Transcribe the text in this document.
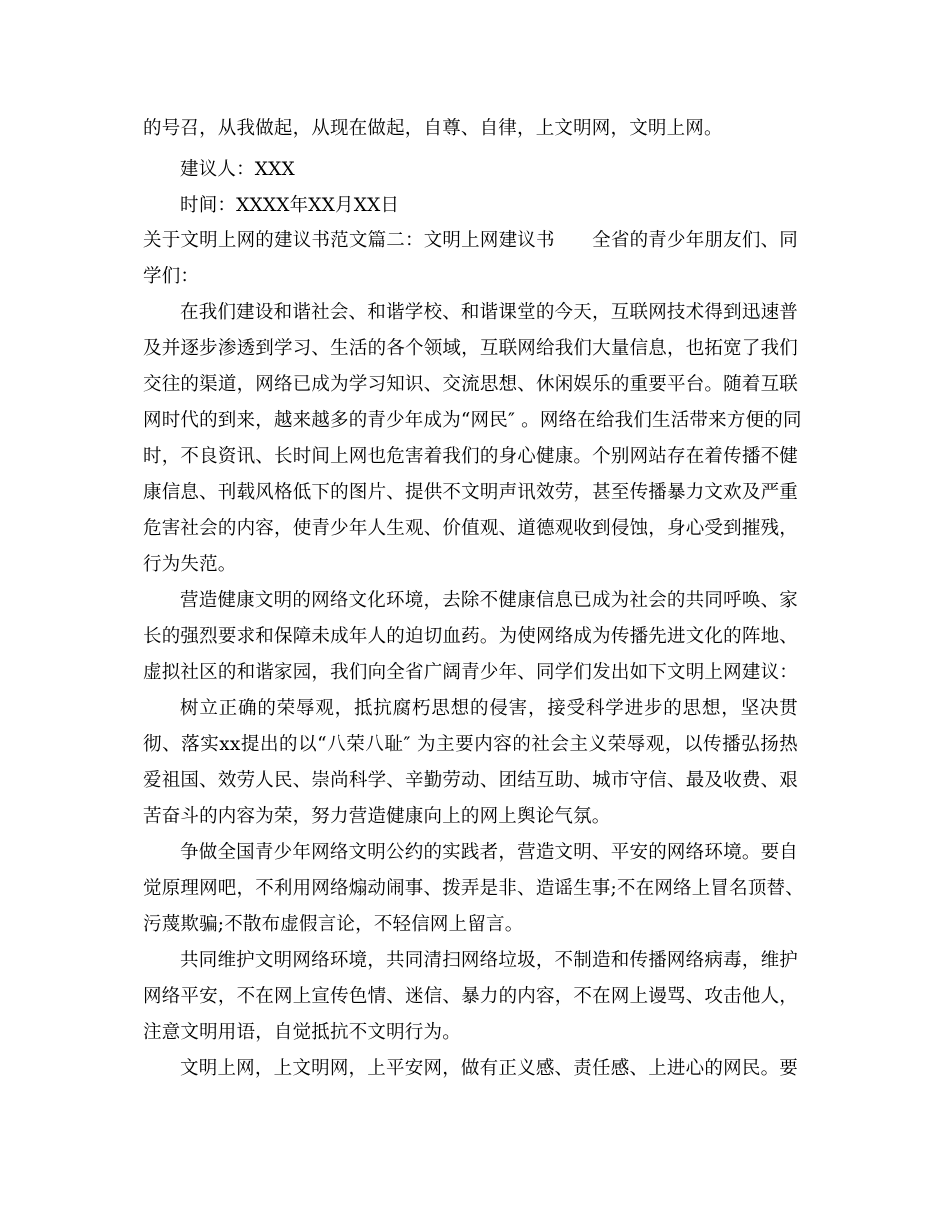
的号召，从我做起，从现在做起，自尊、自律，上文明网，文明上网。
建议人：XXX
时间：XXXX年XX月XX日
关于文明上网的建议书范文篇二：文明上网建议书　　全省的青少年朋友们、同
学们：
在我们建设和谐社会、和谐学校、和谐课堂的今天，互联网技术得到迅速普
及并逐步渗透到学习、生活的各个领域，互联网给我们大量信息，也拓宽了我们
交往的渠道，网络已成为学习知识、交流思想、休闲娱乐的重要平台。随着互联
网时代的到来，越来越多的青少年成为“网民″ 。网络在给我们生活带来方便的同
时，不良资讯、长时间上网也危害着我们的身心健康。个别网站存在着传播不健
康信息、刊载风格低下的图片、提供不文明声讯效劳，甚至传播暴力文欢及严重
危害社会的内容，使青少年人生观、价值观、道德观收到侵蚀，身心受到摧残，
行为失范。
营造健康文明的网络文化环境，去除不健康信息已成为社会的共同呼唤、家
长的强烈要求和保障未成年人的迫切血药。为使网络成为传播先进文化的阵地、
虚拟社区的和谐家园，我们向全省广阔青少年、同学们发出如下文明上网建议：
树立正确的荣辱观，抵抗腐朽思想的侵害，接受科学进步的思想，坚决贯
彻、落实xx提出的以“八荣八耻″ 为主要内容的社会主义荣辱观，以传播弘扬热
爱祖国、效劳人民、崇尚科学、辛勤劳动、团结互助、城市守信、最及收费、艰
苦奋斗的内容为荣，努力营造健康向上的网上舆论气氛。
争做全国青少年网络文明公约的实践者，营造文明、平安的网络环境。要自
觉原理网吧，不利用网络煽动闹事、拨弄是非、造谣生事;不在网络上冒名顶替、
污蔑欺骗;不散布虚假言论，不轻信网上留言。
共同维护文明网络环境，共同清扫网络垃圾，不制造和传播网络病毒，维护
网络平安，不在网上宣传色情、迷信、暴力的内容，不在网上谩骂、攻击他人，
注意文明用语，自觉抵抗不文明行为。
文明上网，上文明网，上平安网，做有正义感、责任感、上进心的网民。要
